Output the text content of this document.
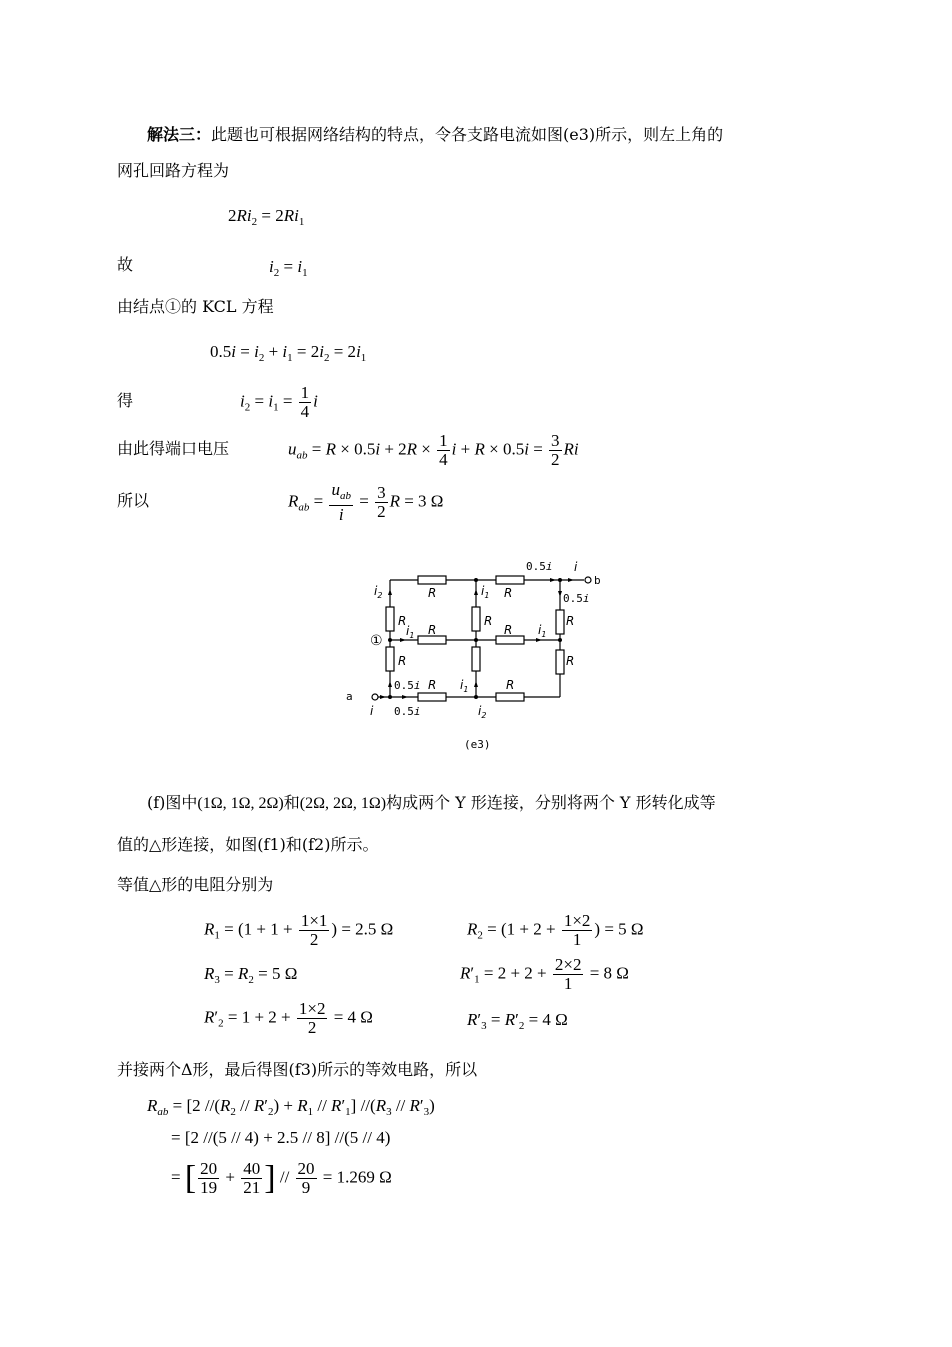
解法三：此题也可根据网络结构的特点，令各支路电流如图(e3)所示，则左上角的
网孔回路方程为
$2Ri_2 = 2Ri_1$
故	$i_2 = i_1$
由结点①的 KCL 方程
$0.5i = i_2 + i_1 = 2i_2 = 2i_1$
得	$i_2 = i_1 = \frac{1}{4}$ i
由此得端口电压	$u_{ab} = R \times 0.5i + 2R \times \frac{1}{4}$ $i + R \times 0.5i = \frac{3}{2}$ Ri
所以	$R_{ab} = \frac{u_{ab}}{i} = \frac{3}{2}$ R = 3 Ω
R	R
R
R
R
R
R
R	R
R	R
$i_2$	$i_1$
$i_1$
$i_1$
$i_1$
$i_2$
i
i
0.5i
0.5i
0.5i
0.5i
a
b
①
(e3)
(f)图中(1Ω, 1Ω, 2Ω)和(2Ω, 2Ω, 1Ω)构成两个 Y 形连接，分别将两个 Y 形转化成等
值的△形连接，如图(f1)和(f2)所示。
等值△形的电阻分别为
$R_1 = (1 + 1 + \frac{1\times 1}{2}$ ) = 2.5 Ω	$R_2 = (1 + 2 + \frac{1\times 2}{1}$ ) = 5 Ω
$R_3 = R_2 = 5$ Ω	$R'_1 = 2 + 2 + \frac{2\times 2}{1} = 8$ Ω
$R'_2 = 1 + 2 + \frac{1\times 2}{2} = 4$ Ω	$R'_3 = R'_2 = 4$ Ω
并接两个Δ形，最后得图(f3)所示的等效电路，所以
$R_{ab} = [2$ $//(R_2 // R'_2) + R_1 // R'_1$] $//(R_3 // R'_3)$
= [2 //(5 // 4) + 2.5 // 8] //(5 // 4)
= [ $\frac{20}{19} + \frac{40}{21}$ ] // $\frac{20}{9} = 1.269$ Ω
